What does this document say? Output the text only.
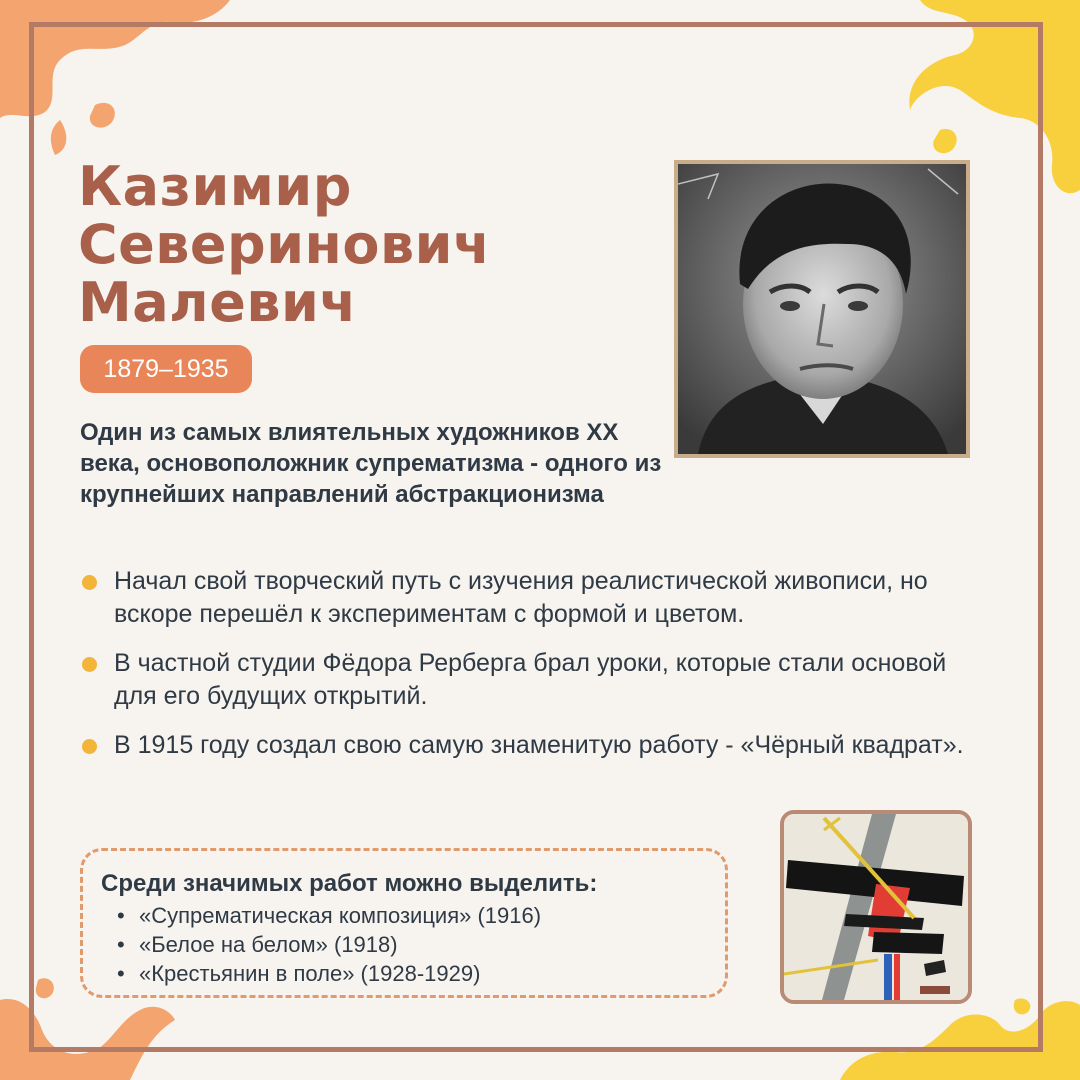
Казимир
Северинович
Малевич
1879–1935

Один из самых влиятельных художников XX века, основоположник супрематизма - одного из крупнейших направлений абстракционизма

Начал свой творческий путь с изучения реалистической живописи, но вскоре перешёл к экспериментам с формой и цветом.
В частной студии Фёдора Рерберга брал уроки, которые стали основой для его будущих открытий.
В 1915 году создал свою самую знаменитую работу - «Чёрный квадрат».

Среди значимых работ можно выделить:

• «Супрематическая композиция» (1916)
• «Белое на белом» (1918)
• «Крестьянин в поле» (1928-1929)
